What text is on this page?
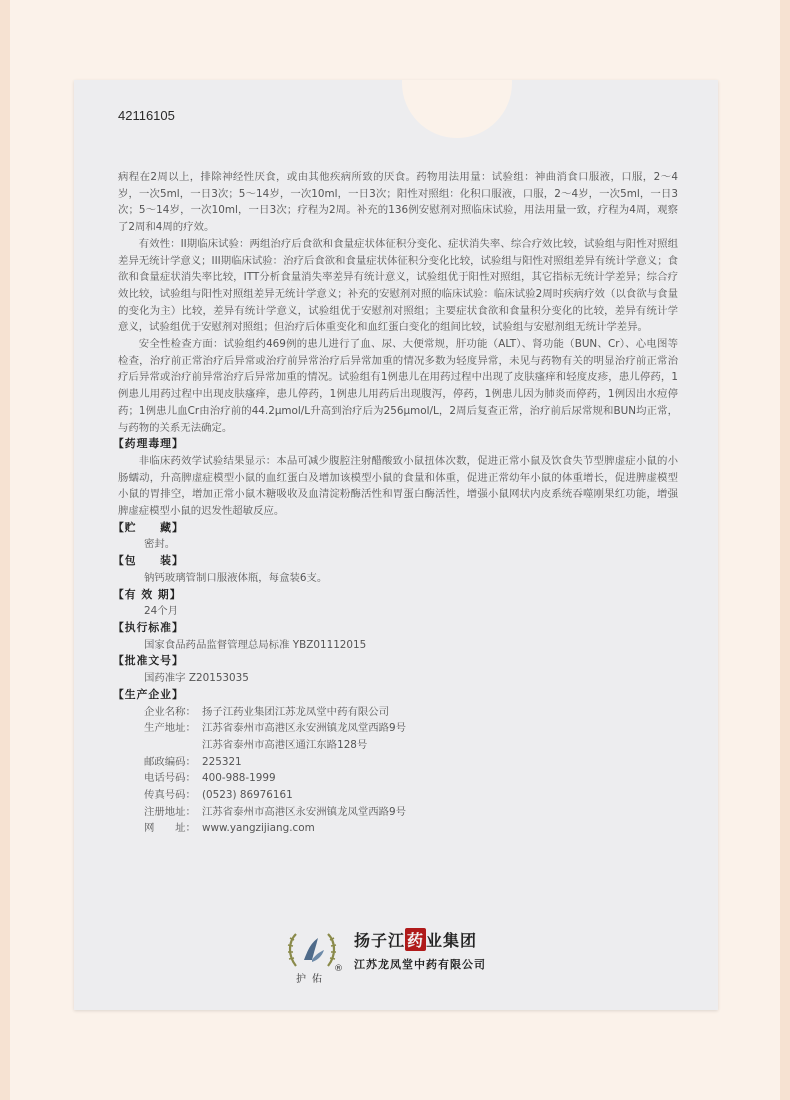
42116105

病程在2周以上，排除神经性厌食，或由其他疾病所致的厌食。药物用法用量：试验组：神曲消食口服液，口服，2～4岁，一次5ml，一日3次；5～14岁，一次10ml，一日3次；阳性对照组：化积口服液，口服，2～4岁，一次5ml，一日3次；5～14岁，一次10ml，一日3次；疗程为2周。补充的136例安慰剂对照临床试验，用法用量一致，疗程为4周，观察了2周和4周的疗效。

有效性：II期临床试验：两组治疗后食欲和食量症状体征积分变化、症状消失率、综合疗效比较，试验组与阳性对照组差异无统计学意义；III期临床试验：治疗后食欲和食量症状体征积分变化比较，试验组与阳性对照组差异有统计学意义；食欲和食量症状消失率比较，ITT分析食量消失率差异有统计意义，试验组优于阳性对照组，其它指标无统计学差异；综合疗效比较，试验组与阳性对照组差异无统计学意义；补充的安慰剂对照的临床试验：临床试验2周时疾病疗效（以食欲与食量的变化为主）比较，差异有统计学意义，试验组优于安慰剂对照组；主要症状食欲和食量积分变化的比较，差异有统计学意义，试验组优于安慰剂对照组；但治疗后体重变化和血红蛋白变化的组间比较，试验组与安慰剂组无统计学差异。

安全性检查方面：试验组约469例的患儿进行了血、尿、大便常规，肝功能（ALT）、肾功能（BUN、Cr）、心电图等检查，治疗前正常治疗后异常或治疗前异常治疗后异常加重的情况多数为轻度异常，未见与药物有关的明显治疗前正常治疗后异常或治疗前异常治疗后异常加重的情况。试验组有1例患儿在用药过程中出现了皮肤瘙痒和轻度皮疹，患儿停药，1例患儿用药过程中出现皮肤瘙痒，患儿停药，1例患儿用药后出现腹泻，停药，1例患儿因为肺炎而停药，1例因出水痘停药；1例患儿血Cr由治疗前的44.2μmol/L升高到治疗后为256μmol/L，2周后复查正常，治疗前后尿常规和BUN均正常，与药物的关系无法确定。

【药理毒理】

非临床药效学试验结果显示：本品可减少腹腔注射醋酸致小鼠扭体次数，促进正常小鼠及饮食失节型脾虚症小鼠的小肠蠕动，升高脾虚症模型小鼠的血红蛋白及增加该模型小鼠的食量和体重，促进正常幼年小鼠的体重增长，促进脾虚模型小鼠的胃排空，增加正常小鼠木糖吸收及血清淀粉酶活性和胃蛋白酶活性，增强小鼠网状内皮系统吞噬刚果红功能，增强脾虚症模型小鼠的迟发性超敏反应。

【贮　　藏】

密封。

【包　　装】

钠钙玻璃管制口服液体瓶，每盒装6支。

【有 效 期】

24个月

【执行标准】

国家食品药品监督管理总局标准 YBZ01112015

【批准文号】

国药准字 Z20153035

【生产企业】
企业名称： 扬子江药业集团江苏龙凤堂中药有限公司
生产地址： 江苏省泰州市高港区永安洲镇龙凤堂西路9号
江苏省泰州市高港区通江东路128号
邮政编码： 225321
电话号码： 400-988-1999
传真号码： (0523) 86976161
注册地址： 江苏省泰州市高港区永安洲镇龙凤堂西路9号
网　　址： www.yangzijiang.com
护佑
®
扬子江 药 业集团
江苏龙凤堂中药有限公司
